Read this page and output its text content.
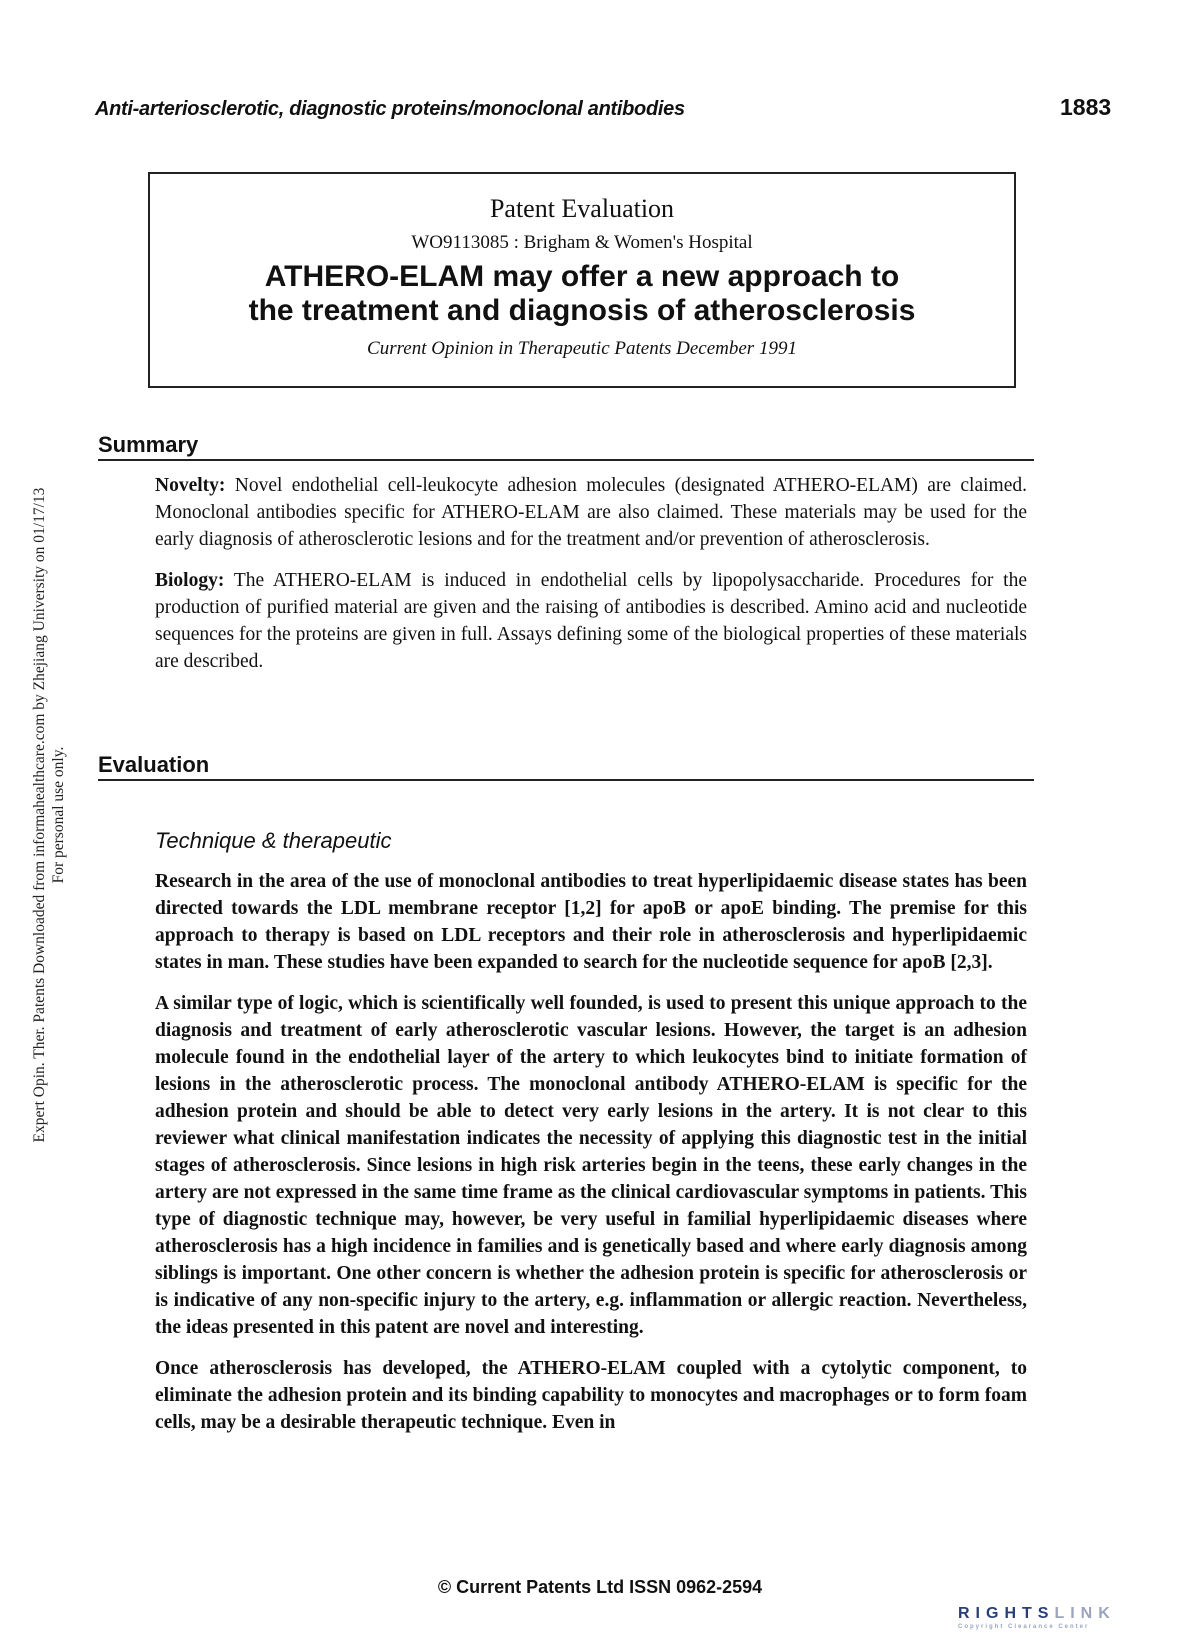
Expert Opin. Ther. Patents Downloaded from informahealthcare.com by Zhejiang University on 01/17/13 For personal use only.
Anti-arteriosclerotic, diagnostic proteins/monoclonal antibodies	1883
Patent Evaluation
WO9113085 : Brigham & Women's Hospital
ATHERO-ELAM may offer a new approach to
the treatment and diagnosis of atherosclerosis
Current Opinion in Therapeutic Patents December 1991
Summary

Novelty: Novel endothelial cell-leukocyte adhesion molecules (designated ATHERO-ELAM) are claimed. Monoclonal antibodies specific for ATHERO-ELAM are also claimed. These materials may be used for the early diagnosis of atherosclerotic lesions and for the treatment and/or prevention of atherosclerosis.

Biology: The ATHERO-ELAM is induced in endothelial cells by lipopolysaccharide. Procedures for the production of purified material are given and the raising of antibodies is described. Amino acid and nucleotide sequences for the proteins are given in full. Assays defining some of the biological properties of these materials are described.

Evaluation
Technique & therapeutic

Research in the area of the use of monoclonal antibodies to treat hyperlipidaemic disease states has been directed towards the LDL membrane receptor [1,2] for apoB or apoE binding. The premise for this approach to therapy is based on LDL receptors and their role in atherosclerosis and hyperlipidaemic states in man. These studies have been expanded to search for the nucleotide sequence for apoB [2,3].

A similar type of logic, which is scientifically well founded, is used to present this unique approach to the diagnosis and treatment of early atherosclerotic vascular lesions. However, the target is an adhesion molecule found in the endothelial layer of the artery to which leukocytes bind to initiate formation of lesions in the atherosclerotic process. The monoclonal antibody ATHERO-ELAM is specific for the adhesion protein and should be able to detect very early lesions in the artery. It is not clear to this reviewer what clinical manifestation indicates the necessity of applying this diagnostic test in the initial stages of atherosclerosis. Since lesions in high risk arteries begin in the teens, these early changes in the artery are not expressed in the same time frame as the clinical cardiovascular symptoms in patients. This type of diagnostic technique may, however, be very useful in familial hyperlipidaemic diseases where atherosclerosis has a high incidence in families and is genetically based and where early diagnosis among siblings is important. One other concern is whether the adhesion protein is specific for atherosclerosis or is indicative of any non-specific injury to the artery, e.g. inflammation or allergic reaction. Nevertheless, the ideas presented in this patent are novel and interesting.

Once atherosclerosis has developed, the ATHERO-ELAM coupled with a cytolytic component, to eliminate the adhesion protein and its binding capability to monocytes and macrophages or to form foam cells, may be a desirable therapeutic technique. Even in

© Current Patents Ltd ISSN 0962-2594
RIGHTSLINK
Copyright Clearance Center
